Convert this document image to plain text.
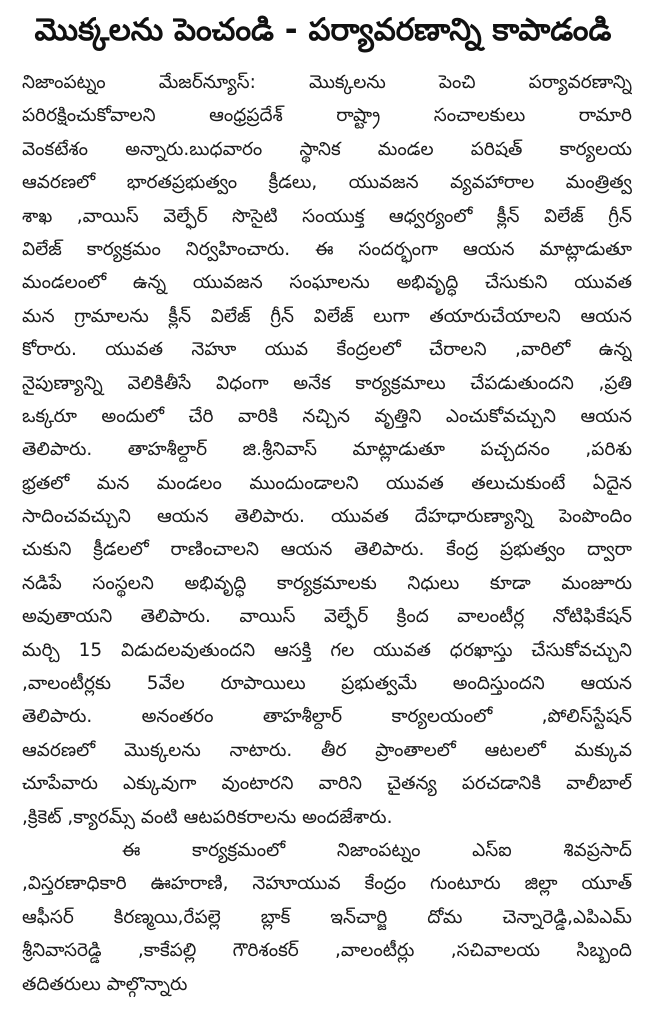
మొక్కలను పెంచండి - పర్యావరణాన్ని కాపాడండి
నిజాంపట్నం మేజర్‌న్యూస్: మొక్కలను పెంచి పర్యావరణాన్ని
పరిరక్షించుకోవాలని ఆంధ్రప్రదేశ్ రాష్ట్రా సంచాలకులు రామారి
వెంకటేశం అన్నారు.బుధవారం స్థానిక మండల పరిషత్ కార్యలయ
ఆవరణలో భారతప్రభుత్వం క్రీడలు, యువజన వ్యవహారాల మంత్రిత్వ
శాఖ ,వాయిస్ వెల్ఫేర్ సొసైటి సంయుక్త ఆధ్వర్యంలో క్లీన్ విలేజ్ గ్రీన్
విలేజ్ కార్యక్రమం నిర్వహించారు. ఈ సందర్భంగా ఆయన మాట్లాడుతూ
మండలంలో ఉన్న యువజన సంఘాలను అభివృద్ధి చేసుకుని యువత
మన గ్రామాలను క్లీన్ విలేజ్ గ్రీన్ విలేజ్ లుగా తయారుచేయాలని ఆయన
కోరారు. యువత నెహూ యువ కేంద్రలలో చేరాలని ,వారిలో ఉన్న
నైపుణ్యాన్ని వెలికితీసే విధంగా అనేక కార్యక్రమాలు చేపడుతుందని ,ప్రతి
ఒక్కరూ అందులో చేరి వారికి నచ్చిన వృత్తిని ఎంచుకోవచ్చుని ఆయన
తెలిపారు. తాహశీల్దార్ జి.శ్రీనివాస్ మాట్లాడుతూ పచ్చదనం ,పరిశు
భ్రతలో మన మండలం ముందుండాలని యువత తలుచుకుంటే ఏదైన
సాదించవచ్చుని ఆయన తెలిపారు. యువత దేహధారుణ్యాన్ని పెంపొందిం
చుకుని క్రీడలలో రాణించాలని ఆయన తెలిపారు. కేంద్ర ప్రభుత్వం ద్వారా
నడిపే సంస్థలని అభివృద్ధి కార్యక్రమాలకు నిధులు కూడా మంజూరు
అవుతాయని తెలిపారు. వాయిస్ వెల్ఫేర్ క్రింద వాలంటీర్ల నోటిఫికేషన్
మర్చి 15 విడుదలవుతుందని ఆసక్తి గల యువత ధరఖాస్తు చేసుకోవచ్చుని
,వాలంటీర్లకు 5వేల రూపాయిలు ప్రభుత్వమే అందిస్తుందని ఆయన
తెలిపారు. అనంతరం తాహశీల్దార్ కార్యలయంలో ,పోలిస్‌స్టేషన్
ఆవరణలో మొక్కలను నాటారు. తీర ప్రాంతాలలో ఆటలలో మక్కువ
చూపేవారు ఎక్కువుగా వుంటారని వారిని చైతన్య పరచడానికి వాలీబాల్
,క్రికెట్ ,క్యారమ్స్ వంటి ఆటపరికరాలను అందజేశారు.
ఈ కార్యక్రమంలో నిజాంపట్నం ఎస్ఐ శివప్రసాద్
,విస్తరణాధికారి ఊహరాణి, నెహూయువ కేంద్రం గుంటూరు జిల్లా యూత్
ఆఫీసర్ కిరణ్మయి,రేపల్లె బ్లాక్ ఇన్‌చార్జి దోమ చెన్నారెడ్డి,ఎపిఎమ్
శ్రీనివాసరెడ్డి ,కాకేపల్లి గౌరిశంకర్ ,వాలంటీర్లు ,సచివాలయ సిబ్బంది
తదితరులు పాల్గొన్నారు
